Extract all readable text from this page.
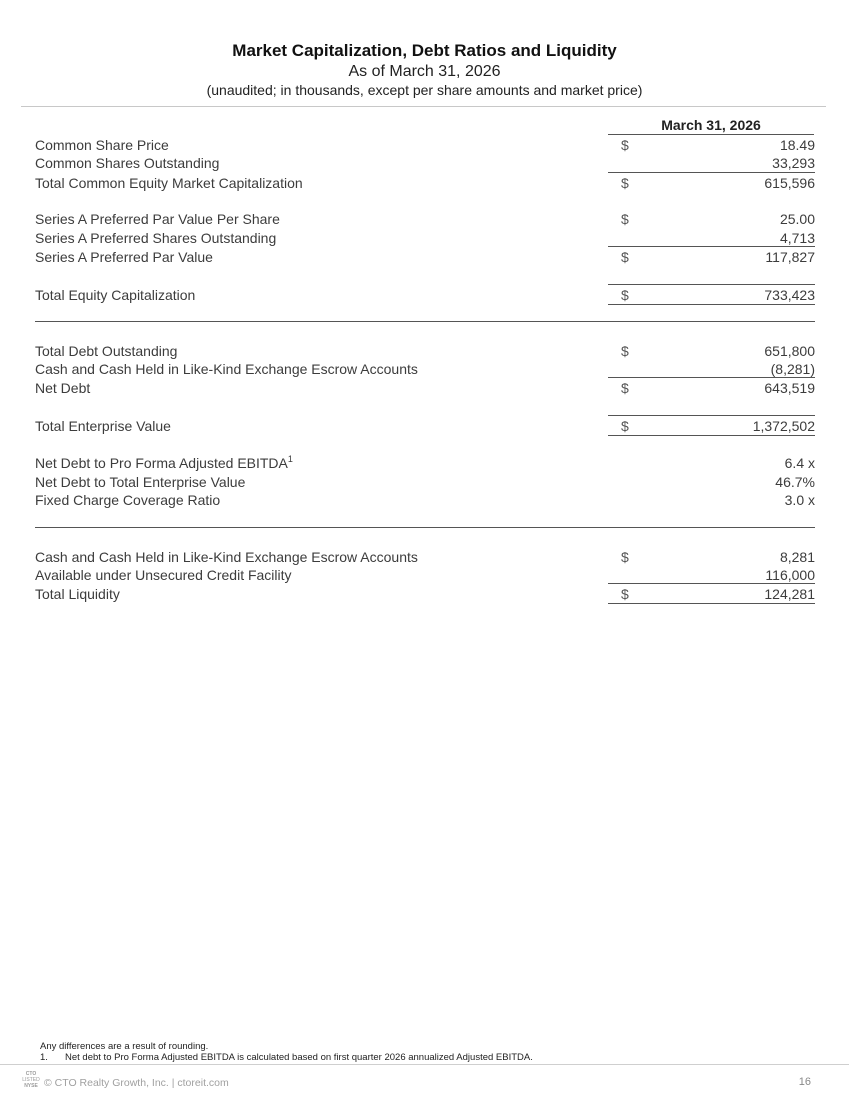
Market Capitalization, Debt Ratios and Liquidity
As of March 31, 2026
(unaudited; in thousands, except per share amounts and market price)
March 31, 2026
Common Share Price	$	18.49
Common Shares Outstanding	33,293
Total Common Equity Market Capitalization	$	615,596
Series A Preferred Par Value Per Share	$	25.00
Series A Preferred Shares Outstanding	4,713
Series A Preferred Par Value	$	117,827
Total Equity Capitalization	$	733,423
Total Debt Outstanding	$	651,800
Cash and Cash Held in Like-Kind Exchange Escrow Accounts	(8,281)
Net Debt	$	643,519
Total Enterprise Value	$	1,372,502
Net Debt to Pro Forma Adjusted EBITDA$^1$	6.4 x
Net Debt to Total Enterprise Value	46.7%
Fixed Charge Coverage Ratio	3.0 x
Cash and Cash Held in Like-Kind Exchange Escrow Accounts	$	8,281
Available under Unsecured Credit Facility	116,000
Total Liquidity	$	124,281
Any differences are a result of rounding.
1. Net debt to Pro Forma Adjusted EBITDA is calculated based on first quarter 2026 annualized Adjusted EBITDA.
CTO
LISTED
NYSE © CTO Realty Growth, Inc. | ctoreit.com	16
